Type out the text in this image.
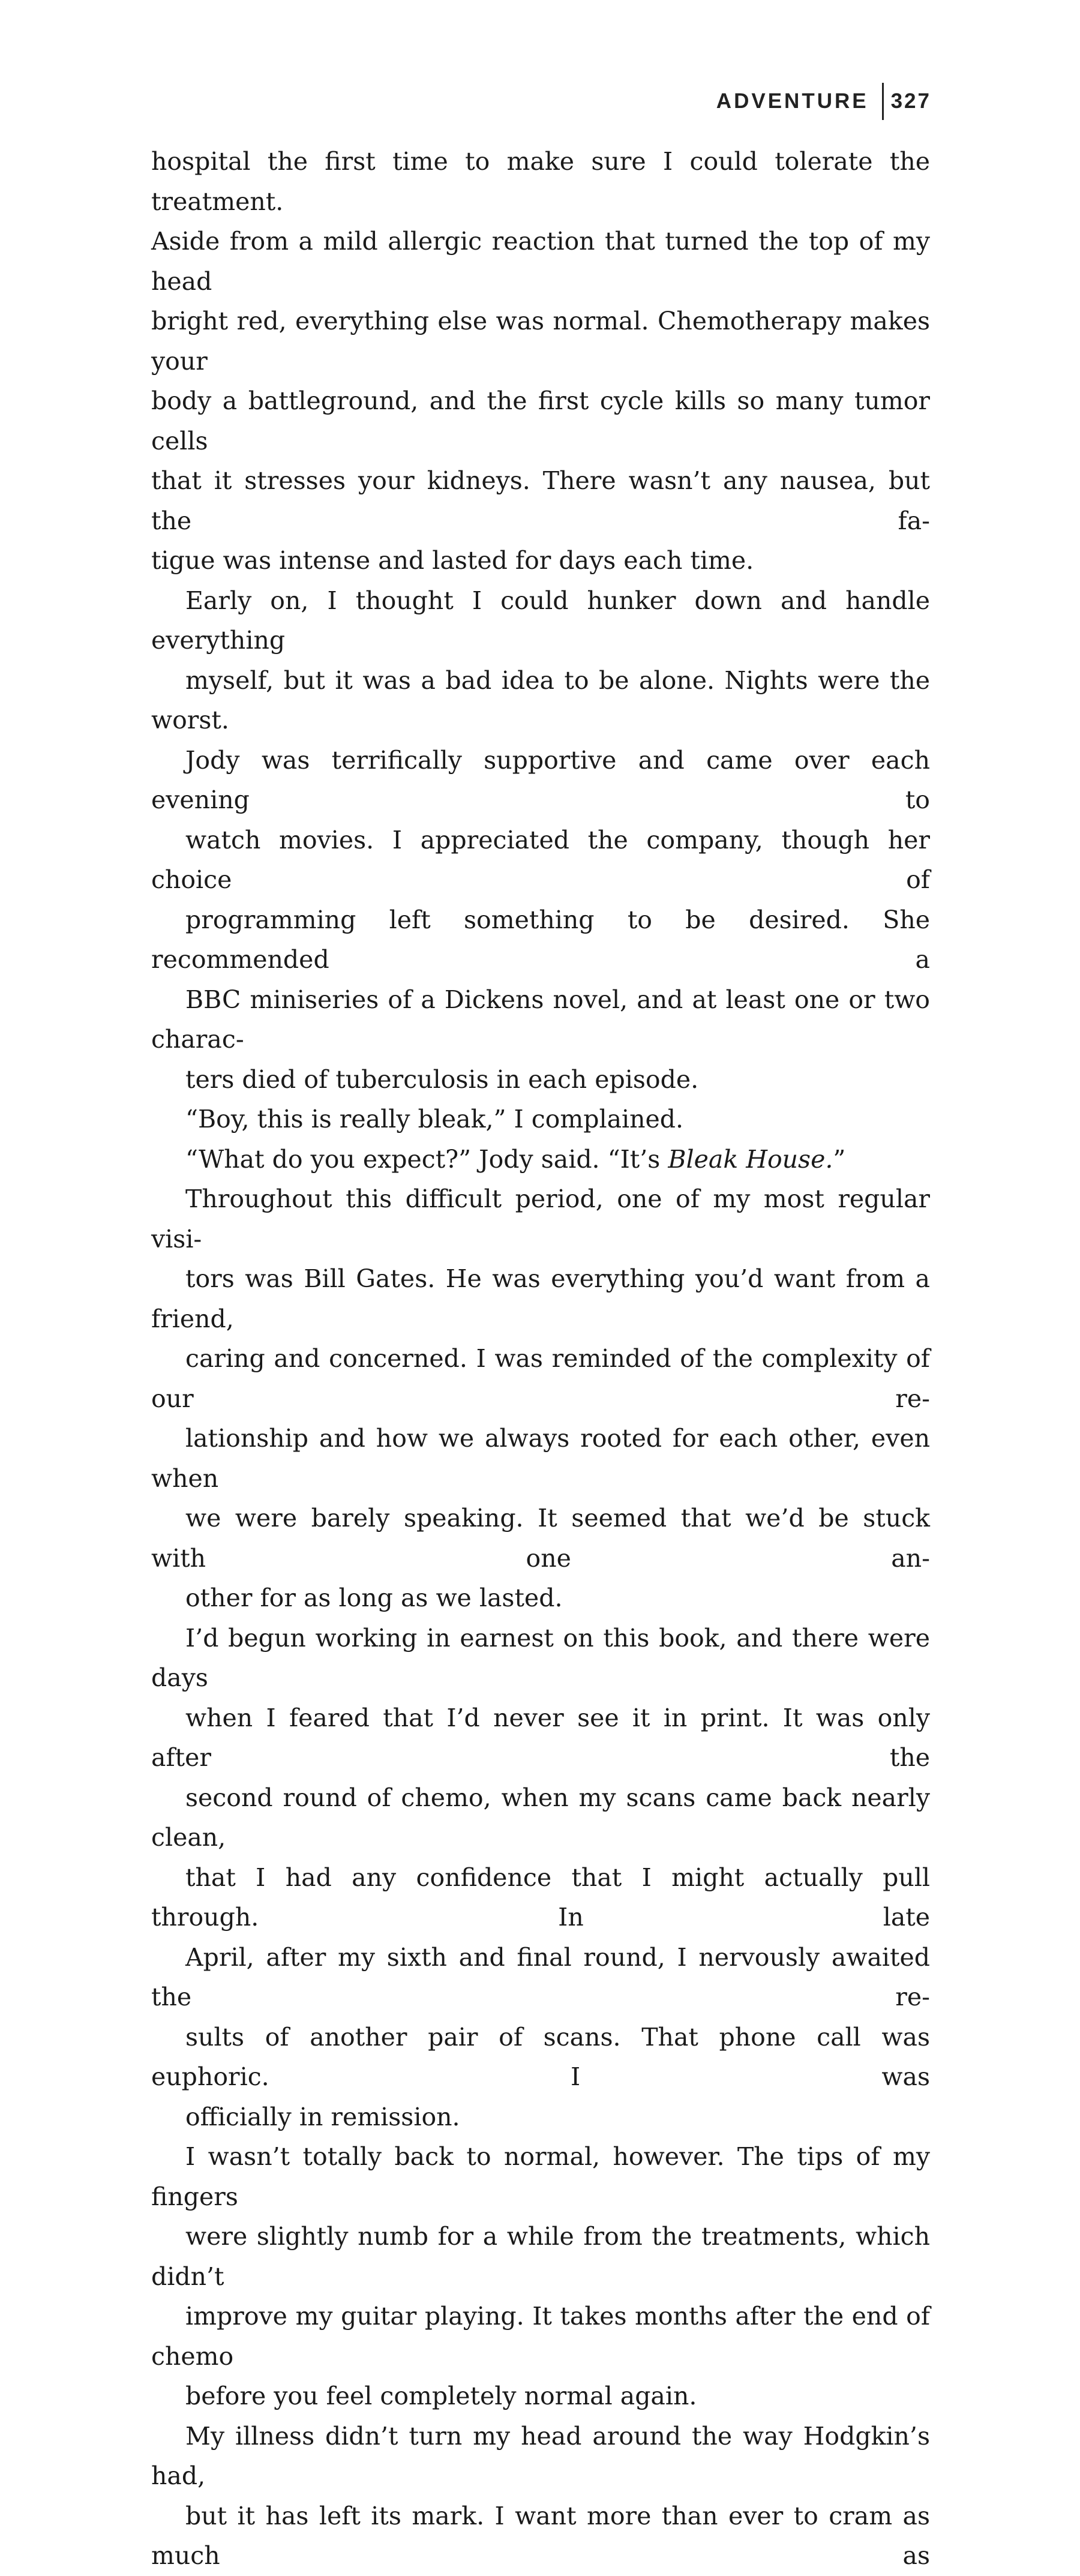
ADVENTURE	327

hospital the first time to make sure I could tolerate the treatment.
Aside from a mild allergic reaction that turned the top of my head
bright red, everything else was normal. Chemotherapy makes your
body a battleground, and the first cycle kills so many tumor cells
that it stresses your kidneys. There wasn’t any nausea, but the fa-
tigue was intense and lasted for days each time.

Early on, I thought I could hunker down and handle everything
myself, but it was a bad idea to be alone. Nights were the worst.
Jody was terrifically supportive and came over each evening to
watch movies. I appreciated the company, though her choice of
programming left something to be desired. She recommended a
BBC miniseries of a Dickens novel, and at least one or two charac-
ters died of tuberculosis in each episode.

“Boy, this is really bleak,” I complained.

“What do you expect?” Jody said. “It’s Bleak House.”

Throughout this difficult period, one of my most regular visi-
tors was Bill Gates. He was everything you’d want from a friend,
caring and concerned. I was reminded of the complexity of our re-
lationship and how we always rooted for each other, even when
we were barely speaking. It seemed that we’d be stuck with one an-
other for as long as we lasted.

I’d begun working in earnest on this book, and there were days
when I feared that I’d never see it in print. It was only after the
second round of chemo, when my scans came back nearly clean,
that I had any confidence that I might actually pull through. In late
April, after my sixth and final round, I nervously awaited the re-
sults of another pair of scans. That phone call was euphoric. I was
officially in remission.

I wasn’t totally back to normal, however. The tips of my fingers
were slightly numb for a while from the treatments, which didn’t
improve my guitar playing. It takes months after the end of chemo
before you feel completely normal again.

My illness didn’t turn my head around the way Hodgkin’s had,
but it has left its mark. I want more than ever to cram as much as
